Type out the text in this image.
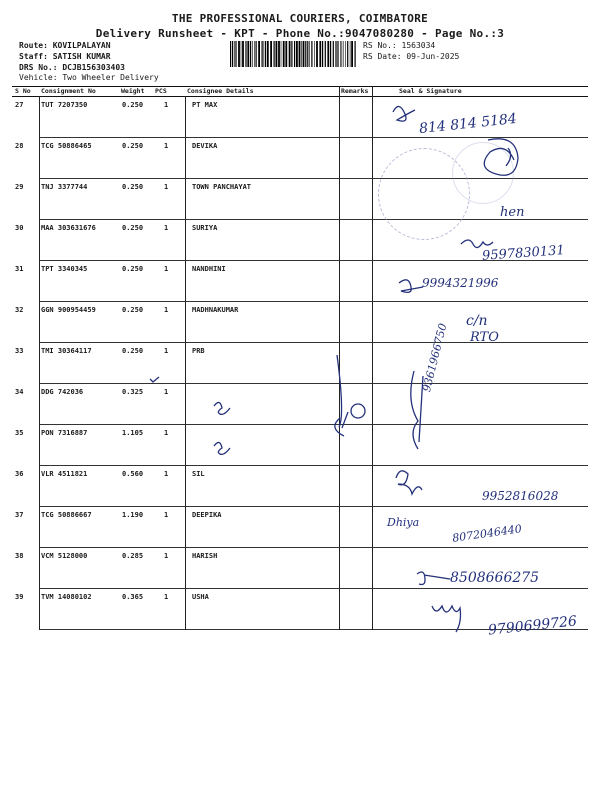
THE PROFESSIONAL COURIERS, COIMBATORE
Delivery Runsheet - KPT - Phone No.:9047080280 - Page No.:3
Route: KOVILPALAYAN
Staff: SATISH KUMAR
DRS No.: DCJB156303403
Vehicle: Two Wheeler Delivery
RS No.: 1563034
RS Date: 09-Jun-2025
S No Consignment No	Weight PCS	Consignee Details	Remarks	Seal & Signature
27	TUT 7207350	0.250	1	PT MAX
28	TCG 50886465	0.250	1	DEVIKA
29	TNJ 3377744	0.250	1	TOWN PANCHAYAT
30	MAA 303631676	0.250	1	SURIYA
31	TPT 3340345	0.250	1	NANDHINI
32	GGN 900954459	0.250	1	MADHNAKUMAR
33	TMI 30364117	0.250	1	PRB
34	DDG 742036	0.325	1
35	PON 7316887	1.105	1
36	VLR 4511821	0.560	1	SIL
37	TCG 50886667	1.190	1	DEEPIKA
38	VCM 5128000	0.285	1	HARISH
39	TVM 14080102	0.365	1	USHA
814 814 5184
hen
9597830131
9994321996
c/n
RTO
9361966750
9952816028
Dhiya	8072046440
8508666275
9790699726
